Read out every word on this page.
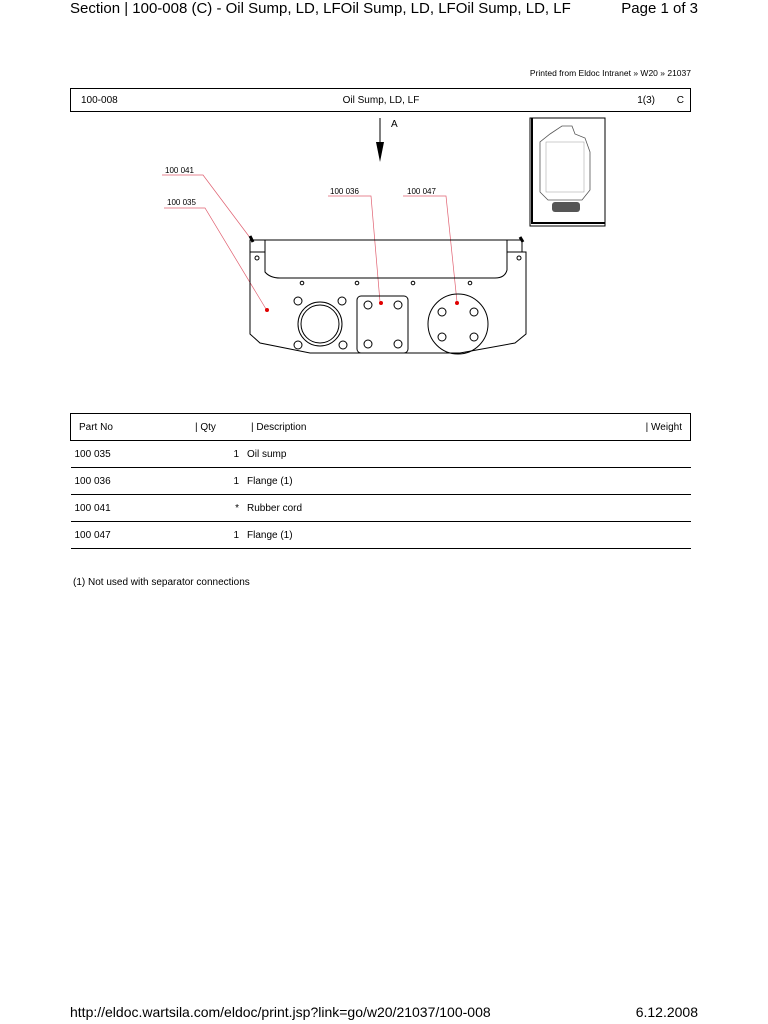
Section | 100-008 (C) - Oil Sump, LD, LFOil Sump, LD, LFOil Sump, LD, LF	Page 1 of 3
Printed from Eldoc Intranet » W20 » 21037
100-008	Oil Sump, LD, LF	1(3) C
A
100 041
100 035
100 036	100 047
Part No	| Qty	| Description	| Weight
100 035	1	Oil sump	
100 036	1	Flange (1)	
100 041	*	Rubber cord	
100 047	1	Flange (1)	
(1) Not used with separator connections
http://eldoc.wartsila.com/eldoc/print.jsp?link=go/w20/21037/100-008	6.12.2008
